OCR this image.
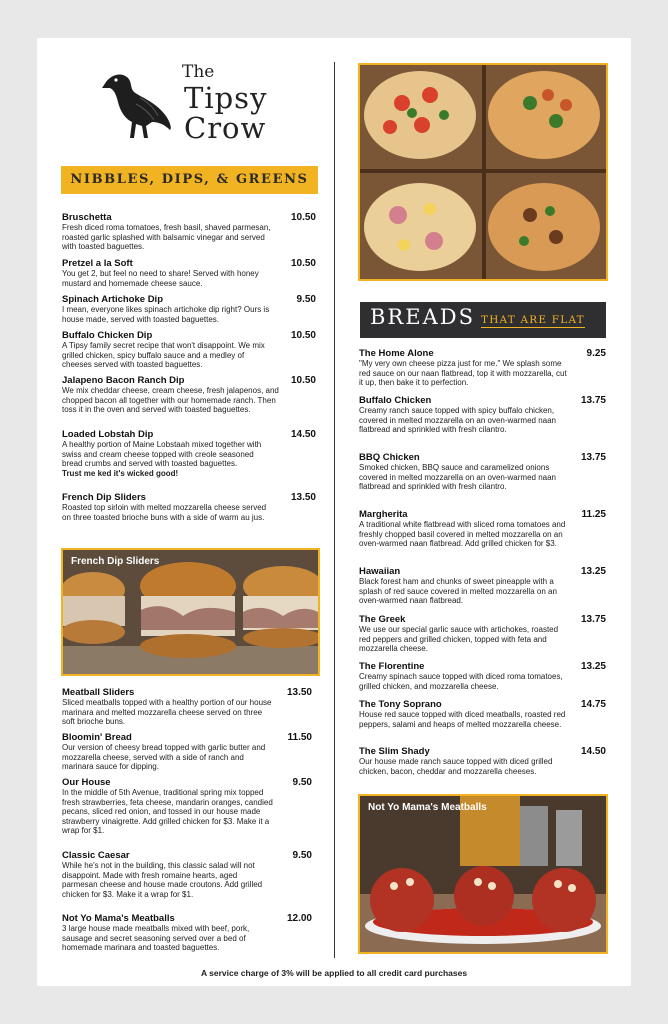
The
Tipsy
Crow
NIBBLES, DIPS, & GREENS
Bruschetta
Fresh diced roma tomatoes, fresh basil, shaved parmesan, roasted garlic splashed with balsamic vinegar and served with toasted baguettes.
10.50
Pretzel a la Soft
You get 2, but feel no need to share! Served with honey mustard and homemade cheese sauce.
10.50
Spinach Artichoke Dip
I mean, everyone likes spinach artichoke dip right? Ours is house made, served with toasted baguettes.
9.50
Buffalo Chicken Dip
A Tipsy family secret recipe that won't disappoint. We mix grilled chicken, spicy buffalo sauce and a medley of cheeses served with toasted baguettes.
10.50
Jalapeno Bacon Ranch Dip
We mix cheddar cheese, cream cheese, fresh jalapenos, and chopped bacon all together with our homemade ranch. Then toss it in the oven and served with toasted baguettes.
10.50
Loaded Lobstah Dip
A healthy portion of Maine Lobstaah mixed together with swiss and cream cheese topped with creole seasoned bread crumbs and served with toasted baguettes.
Trust me ked it's wicked good!
14.50
French Dip Sliders
Roasted top sirloin with melted mozzarella cheese served on three toasted brioche buns with a side of warm au jus.
13.50
French Dip Sliders
Meatball Sliders
Sliced meatballs topped with a healthy portion of our house marinara and melted mozzarella cheese served on three soft brioche buns.
13.50
Bloomin' Bread
Our version of cheesy bread topped with garlic butter and mozzarella cheese, served with a side of ranch and marinara sauce for dipping.
11.50
Our House
In the middle of 5th Avenue, traditional spring mix topped fresh strawberries, feta cheese, mandarin oranges, candied pecans, sliced red onion, and tossed in our house made strawberry vinaigrette. Add grilled chicken for $3. Make it a wrap for $1.
9.50
Classic Caesar
While he's not in the building, this classic salad will not disappoint. Made with fresh romaine hearts, aged parmesan cheese and house made croutons. Add grilled chicken for $3. Make it a wrap for $1.
9.50
Not Yo Mama's Meatballs
3 large house made meatballs mixed with beef, pork, sausage and secret seasoning served over a bed of homemade marinara and toasted baguettes.
12.00
BREADS THAT ARE FLAT
The Home Alone
"My very own cheese pizza just for me." We splash some red sauce on our naan flatbread, top it with mozzarella, cut it up, then bake it to perfection.
9.25
Buffalo Chicken
Creamy ranch sauce topped with spicy buffalo chicken, covered in melted mozzarella on an oven-warmed naan flatbread and sprinkled with fresh cilantro.
13.75
BBQ Chicken
Smoked chicken, BBQ sauce and caramelized onions covered in melted mozzarella on an oven-warmed naan flatbread and sprinkled with fresh cilantro.
13.75
Margherita
A traditional white flatbread with sliced roma tomatoes and freshly chopped basil covered in melted mozzarella on an oven-warmed naan flatbread. Add grilled chicken for $3.
11.25
Hawaiian
Black forest ham and chunks of sweet pineapple with a splash of red sauce covered in melted mozzarella on an oven-warmed naan flatbread.
13.25
The Greek
We use our special garlic sauce with artichokes, roasted red peppers and grilled chicken, topped with feta and mozzarella cheese.
13.75
The Florentine
Creamy spinach sauce topped with diced roma tomatoes, grilled chicken, and mozzarella cheese.
13.25
The Tony Soprano
House red sauce topped with diced meatballs, roasted red peppers, salami and heaps of melted mozzarella cheese.
14.75
The Slim Shady
Our house made ranch sauce topped with diced grilled chicken, bacon, cheddar and mozzarella cheeses.
14.50
Not Yo Mama's Meatballs
A service charge of 3% will be applied to all credit card purchases
